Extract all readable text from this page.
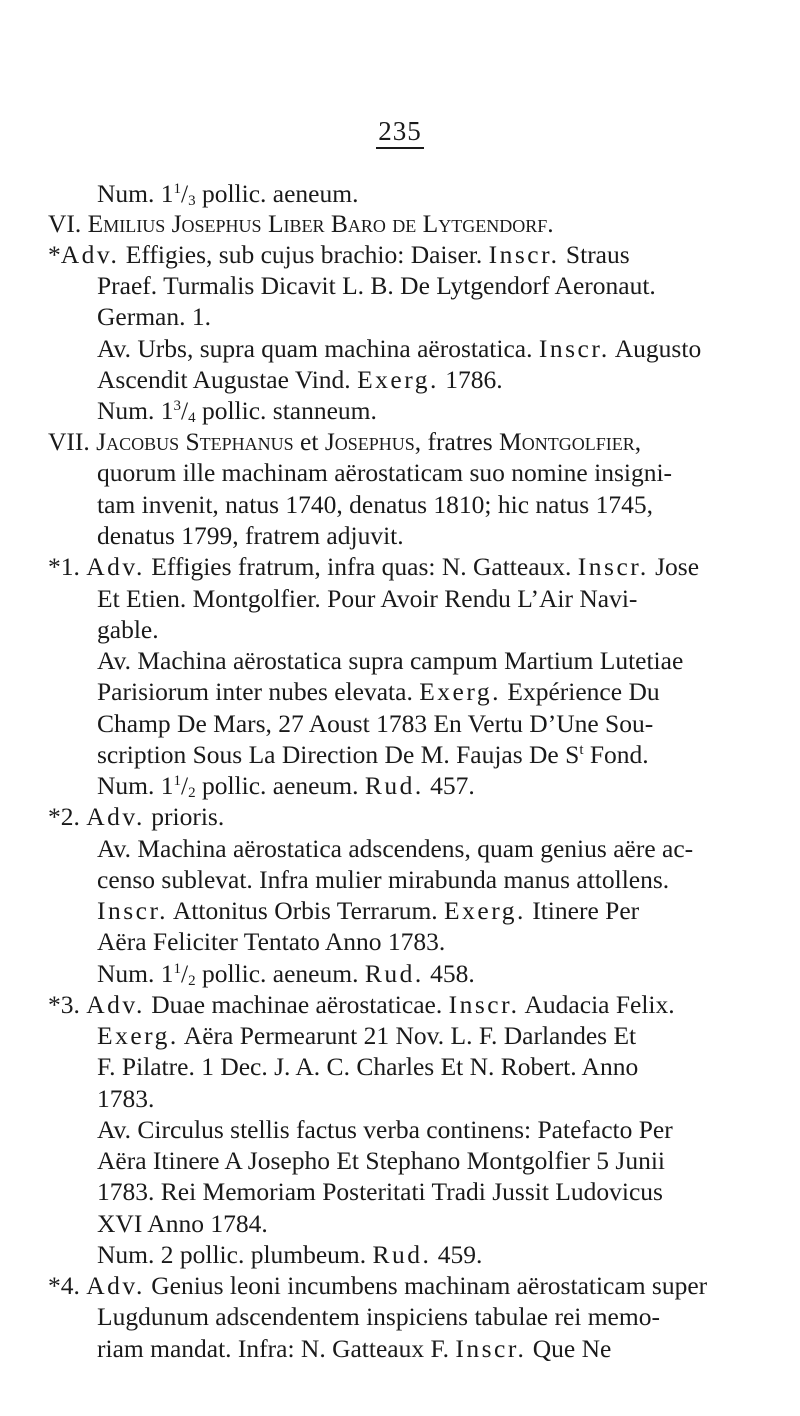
235
Num. $1^1/_3$ pollic. aeneum.
VI. Emilius Josephus Liber Baro de Lytgendorf.
*Adv. Effigies, sub cujus brachio: Daiser. Inscr. Straus
Praef. Turmalis Dicavit L. B. De Lytgendorf Aeronaut.
German. 1.
Av. Urbs, supra quam machina aërostatica. Inscr. Augusto
Ascendit Augustae Vind. Exerg. 1786.
Num. $1^3/_4$ pollic. stanneum.
VII. Jacobus Stephanus et Josephus, fratres Montgolfier,
quorum ille machinam aërostaticam suo nomine insigni-
tam invenit, natus 1740, denatus 1810; hic natus 1745,
denatus 1799, fratrem adjuvit.
*1. Adv. Effigies fratrum, infra quas: N. Gatteaux. Inscr. Jose
Et Etien. Montgolfier. Pour Avoir Rendu L’Air Navi-
gable.
Av. Machina aërostatica supra campum Martium Lutetiae
Parisiorum inter nubes elevata. Exerg. Expérience Du
Champ De Mars, 27 Aoust 1783 En Vertu D’Une Sou-
scription Sous La Direction De M. Faujas De $S^t$ Fond.
Num. $1^1/_2$ pollic. aeneum. Rud. 457.
*2. Adv. prioris.
Av. Machina aërostatica adscendens, quam genius aëre ac-
censo sublevat. Infra mulier mirabunda manus attollens.
Inscr. Attonitus Orbis Terrarum. Exerg. Itinere Per
Aëra Feliciter Tentato Anno 1783.
Num. $1^1/_2$ pollic. aeneum. Rud. 458.
*3. Adv. Duae machinae aërostaticae. Inscr. Audacia Felix.
Exerg. Aëra Permearunt 21 Nov. L. F. Darlandes Et
F. Pilatre. 1 Dec. J. A. C. Charles Et N. Robert. Anno
1783.
Av. Circulus stellis factus verba continens: Patefacto Per
Aëra Itinere A Josepho Et Stephano Montgolfier 5 Junii
1783. Rei Memoriam Posteritati Tradi Jussit Ludovicus
XVI Anno 1784.
Num. 2 pollic. plumbeum. Rud. 459.
*4. Adv. Genius leoni incumbens machinam aërostaticam super
Lugdunum adscendentem inspiciens tabulae rei memo-
riam mandat. Infra: N. Gatteaux F. Inscr. Que Ne
